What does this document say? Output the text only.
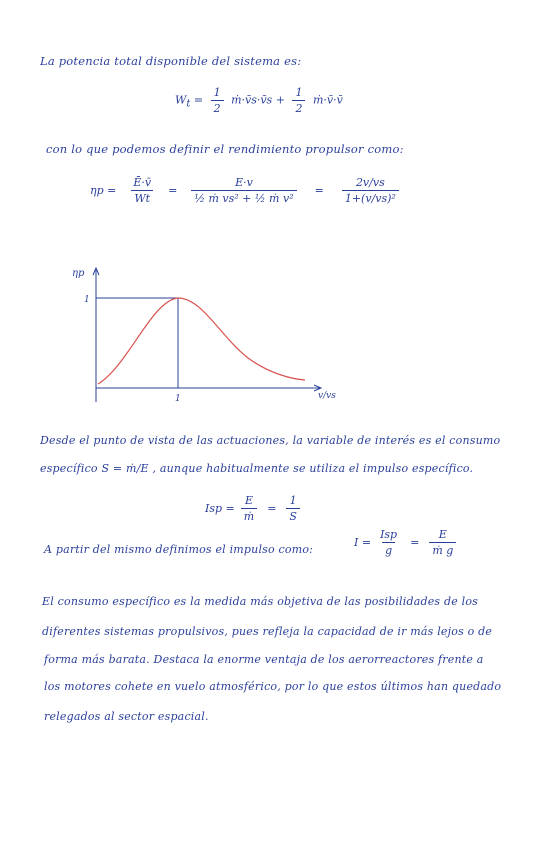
La potencia total disponible del sistema es:
$W_t = \frac{1}{2}$ ṁ·v̄s·v̄s + $\frac{1}{2}$ ṁ·v̄·v̄
con lo que podemos definir el rendimiento propulsor como:
$\eta p = \frac{Ē\cdot v̄}{Wt} = \frac{E\cdot v}{\text{½ ṁ vs² + ½ ṁ v²}} = \frac{2v/vs}{\text{1+(v/vs)²}}$
ηp
1
1	v/vs
Desde el punto de vista de las actuaciones, la variable de interés es el consumo
específico S = ṁ/E , aunque habitualmente se utiliza el impulso específico.
Isp = $\frac{E}{\text{ṁ}} = \frac{1}{S}$
A partir del mismo definimos el impulso como:
$I = \frac{\text{Isp}}{g} = \frac{E}{\text{ṁ g}}$
El consumo específico es la medida más objetiva de las posibilidades de los
diferentes sistemas propulsivos, pues refleja la capacidad de ir más lejos o de
forma más barata. Destaca la enorme ventaja de los aerorreactores frente a
los motores cohete en vuelo atmosférico, por lo que estos últimos han quedado
relegados al sector espacial.
